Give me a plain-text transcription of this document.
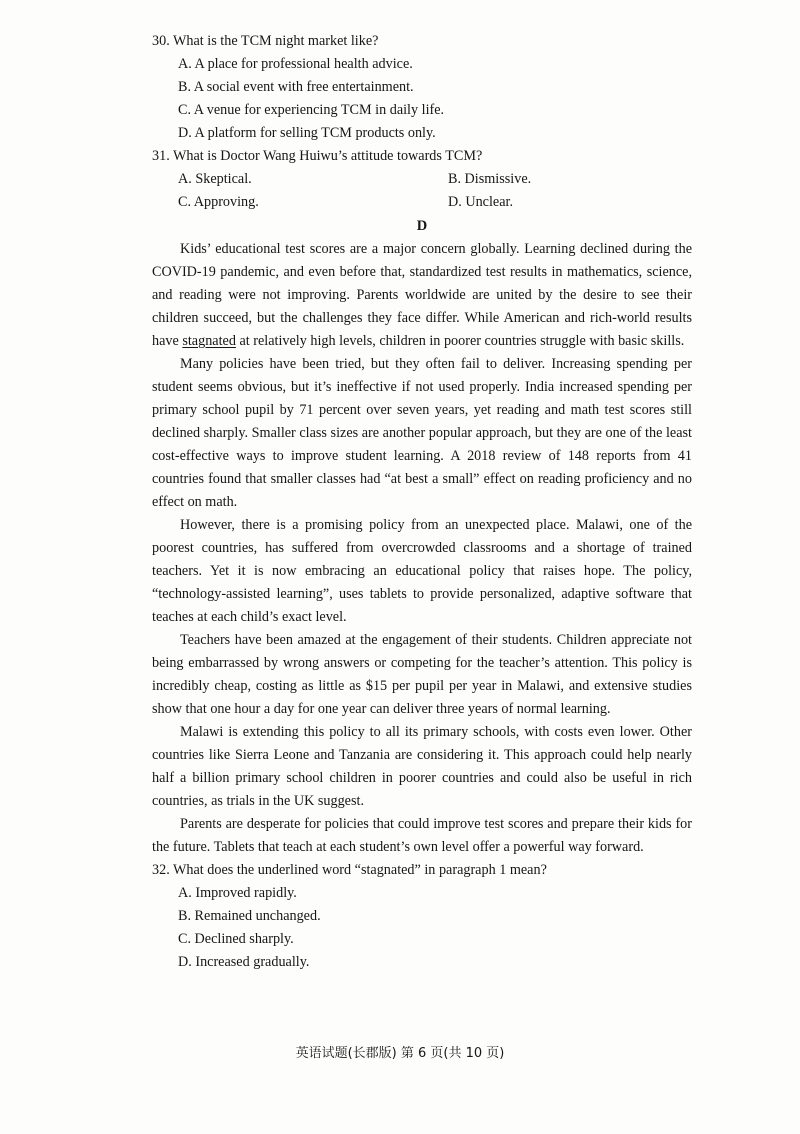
30. What is the TCM night market like?
A. A place for professional health advice.
B. A social event with free entertainment.
C. A venue for experiencing TCM in daily life.
D. A platform for selling TCM products only.
31. What is Doctor Wang Huiwu’s attitude towards TCM?
A. Skeptical.	B. Dismissive.
C. Approving.	D. Unclear.
D
Kids’ educational test scores are a major concern globally. Learning declined during the COVID-19 pandemic, and even before that, standardized test results in mathematics, science, and reading were not improving. Parents worldwide are united by the desire to see their children succeed, but the challenges they face differ. While American and rich-world results have stagnated at relatively high levels, children in poorer countries struggle with basic skills.
Many policies have been tried, but they often fail to deliver. Increasing spending per student seems obvious, but it’s ineffective if not used properly. India increased spending per primary school pupil by 71 percent over seven years, yet reading and math test scores still declined sharply. Smaller class sizes are another popular approach, but they are one of the least cost-effective ways to improve student learning. A 2018 review of 148 reports from 41 countries found that smaller classes had “at best a small” effect on reading proficiency and no effect on math.
However, there is a promising policy from an unexpected place. Malawi, one of the poorest countries, has suffered from overcrowded classrooms and a shortage of trained teachers. Yet it is now embracing an educational policy that raises hope. The policy, “technology-assisted learning”, uses tablets to provide personalized, adaptive software that teaches at each child’s exact level.
Teachers have been amazed at the engagement of their students. Children appreciate not being embarrassed by wrong answers or competing for the teacher’s attention. This policy is incredibly cheap, costing as little as $15 per pupil per year in Malawi, and extensive studies show that one hour a day for one year can deliver three years of normal learning.
Malawi is extending this policy to all its primary schools, with costs even lower. Other countries like Sierra Leone and Tanzania are considering it. This approach could help nearly half a billion primary school children in poorer countries and could also be useful in rich countries, as trials in the UK suggest.
Parents are desperate for policies that could improve test scores and prepare their kids for the future. Tablets that teach at each student’s own level offer a powerful way forward.
32. What does the underlined word “stagnated” in paragraph 1 mean?
A. Improved rapidly.
B. Remained unchanged.
C. Declined sharply.
D. Increased gradually.
英语试题(长郡版) 第 6 页(共 10 页)
